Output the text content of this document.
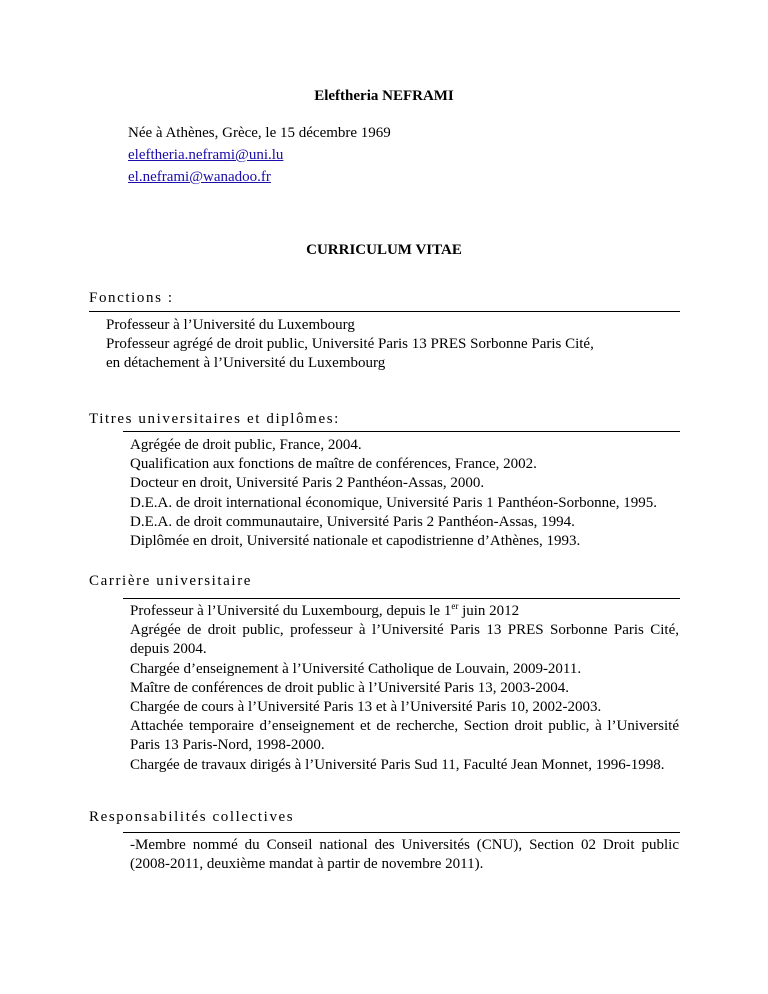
Eleftheria NEFRAMI
Née à Athènes, Grèce, le 15 décembre 1969
eleftheria.neframi@uni.lu
el.neframi@wanadoo.fr
CURRICULUM VITAE
Fonctions :
Professeur à l’Université du Luxembourg
Professeur agrégé de droit public, Université Paris 13 PRES Sorbonne Paris Cité,
en détachement à l’Université du Luxembourg
Titres universitaires et diplômes:
Agrégée de droit public, France, 2004.
Qualification aux fonctions de maître de conférences, France, 2002.
Docteur en droit, Université Paris 2 Panthéon-Assas, 2000.
D.E.A. de droit international économique, Université Paris 1 Panthéon-Sorbonne, 1995.
D.E.A. de droit communautaire, Université Paris 2 Panthéon-Assas, 1994.
Diplômée en droit, Université nationale et capodistrienne d’Athènes, 1993.
Carrière universitaire
Professeur à l’Université du Luxembourg, depuis le 1er juin 2012
Agrégée de droit public, professeur à l’Université Paris 13 PRES Sorbonne Paris Cité, depuis 2004.
Chargée d’enseignement à l’Université Catholique de Louvain, 2009-2011.
Maître de conférences de droit public à l’Université Paris 13, 2003-2004.
Chargée de cours à l’Université Paris 13 et à l’Université Paris 10, 2002-2003.
Attachée temporaire d’enseignement et de recherche, Section droit public, à l’Université Paris 13 Paris-Nord, 1998-2000.
Chargée de travaux dirigés à l’Université Paris Sud 11, Faculté Jean Monnet, 1996-1998.
Responsabilités collectives
-Membre nommé du Conseil national des Universités (CNU), Section 02 Droit public (2008-2011, deuxième mandat à partir de novembre 2011).
